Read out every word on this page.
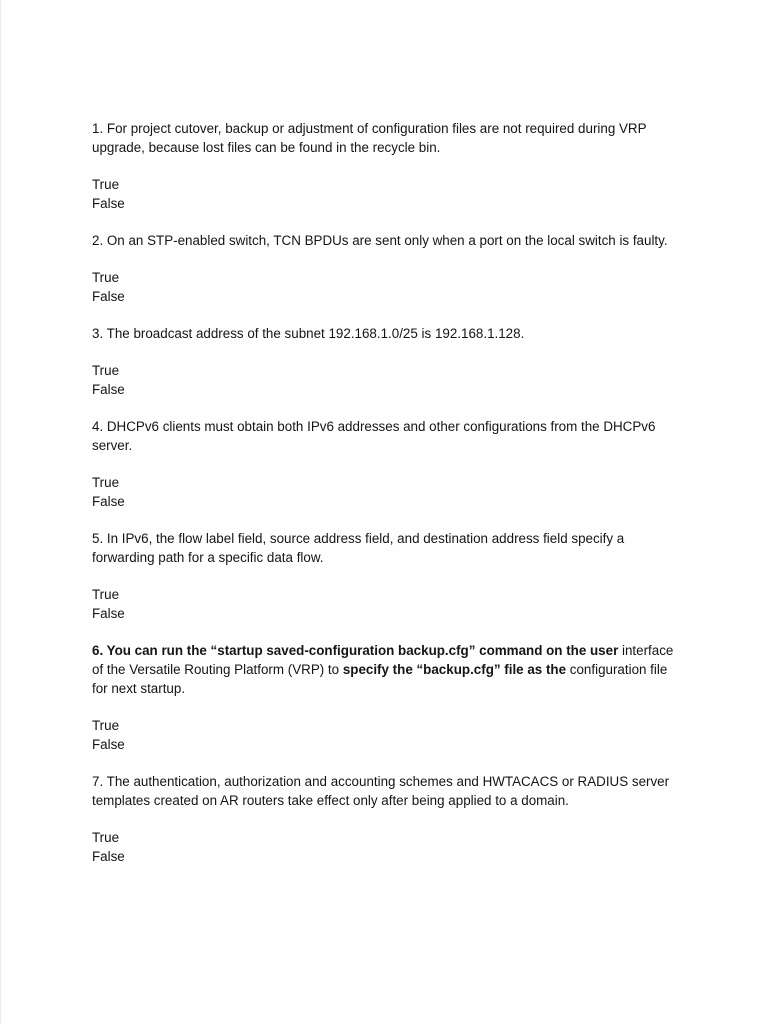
1. For project cutover, backup or adjustment of configuration files are not required during VRP upgrade, because lost files can be found in the recycle bin.

True

False

2. On an STP-enabled switch, TCN BPDUs are sent only when a port on the local switch is faulty.

True

False

3. The broadcast address of the subnet 192.168.1.0/25 is 192.168.1.128.

True

False

4. DHCPv6 clients must obtain both IPv6 addresses and other configurations from the DHCPv6 server.

True

False

5. In IPv6, the flow label field, source address field, and destination address field specify a forwarding path for a specific data flow.

True

False

6. You can run the “startup saved-configuration backup.cfg” command on the user interface of the Versatile Routing Platform (VRP) to specify the “backup.cfg” file as the configuration file for next startup.

True

False

7. The authentication, authorization and accounting schemes and HWTACACS or RADIUS server templates created on AR routers take effect only after being applied to a domain.

True

False
